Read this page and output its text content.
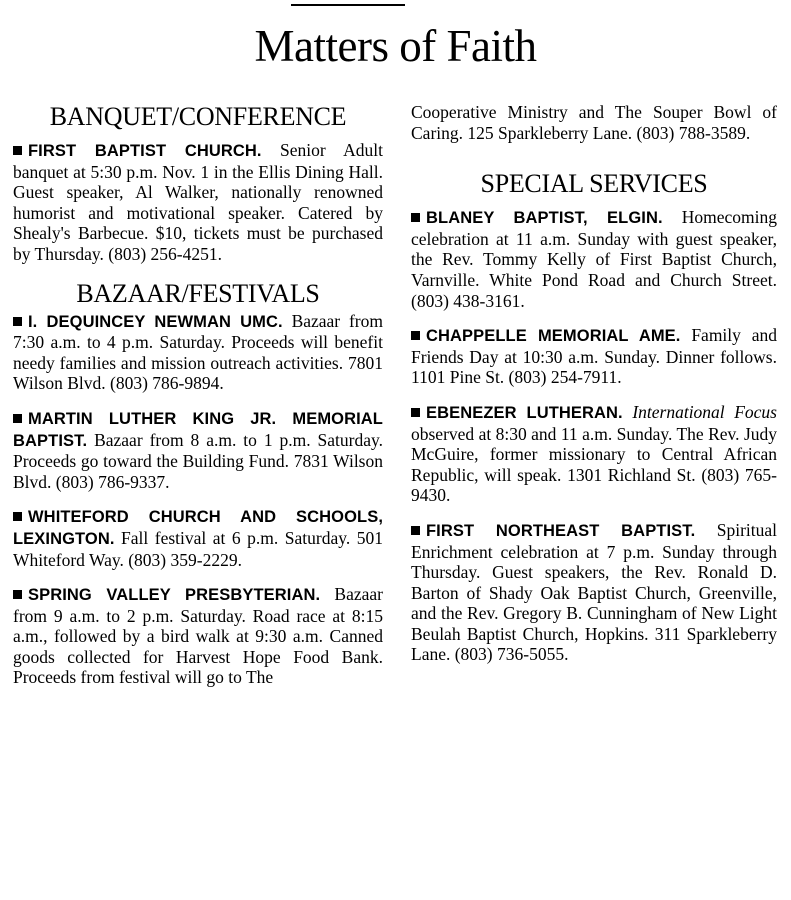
Matters of Faith
BANQUET/CONFERENCE

FIRST BAPTIST CHURCH. Senior Adult banquet at 5:30 p.m. Nov. 1 in the Ellis Dining Hall. Guest speaker, Al Walker, nationally renowned humorist and motivational speaker. Catered by Shealy's Barbecue. $10, tickets must be purchased by Thursday. (803) 256-4251.

BAZAAR/FESTIVALS

I. DEQUINCEY NEWMAN UMC. Bazaar from 7:30 a.m. to 4 p.m. Saturday. Proceeds will benefit needy families and mission outreach activities. 7801 Wilson Blvd. (803) 786-9894.

MARTIN LUTHER KING JR. MEMORIAL BAPTIST. Bazaar from 8 a.m. to 1 p.m. Saturday. Proceeds go toward the Building Fund. 7831 Wilson Blvd. (803) 786-9337.

WHITEFORD CHURCH AND SCHOOLS, LEXINGTON. Fall festival at 6 p.m. Saturday. 501 Whiteford Way. (803) 359-2229.

SPRING VALLEY PRESBYTERIAN. Bazaar from 9 a.m. to 2 p.m. Saturday. Road race at 8:15 a.m., followed by a bird walk at 9:30 a.m. Canned goods collected for Harvest Hope Food Bank. Proceeds from festival will go to The

Cooperative Ministry and The Souper Bowl of Caring. 125 Sparkleberry Lane. (803) 788-3589.

SPECIAL SERVICES

BLANEY BAPTIST, ELGIN. Homecoming celebration at 11 a.m. Sunday with guest speaker, the Rev. Tommy Kelly of First Baptist Church, Varnville. White Pond Road and Church Street. (803) 438-3161.

CHAPPELLE MEMORIAL AME. Family and Friends Day at 10:30 a.m. Sunday. Dinner follows. 1101 Pine St. (803) 254-7911.

EBENEZER LUTHERAN. International Focus observed at 8:30 and 11 a.m. Sunday. The Rev. Judy McGuire, former missionary to Central African Republic, will speak. 1301 Richland St. (803) 765-9430.

FIRST NORTHEAST BAPTIST. Spiritual Enrichment celebration at 7 p.m. Sunday through Thursday. Guest speakers, the Rev. Ronald D. Barton of Shady Oak Baptist Church, Greenville, and the Rev. Gregory B. Cunningham of New Light Beulah Baptist Church, Hopkins. 311 Sparkleberry Lane. (803) 736-5055.
